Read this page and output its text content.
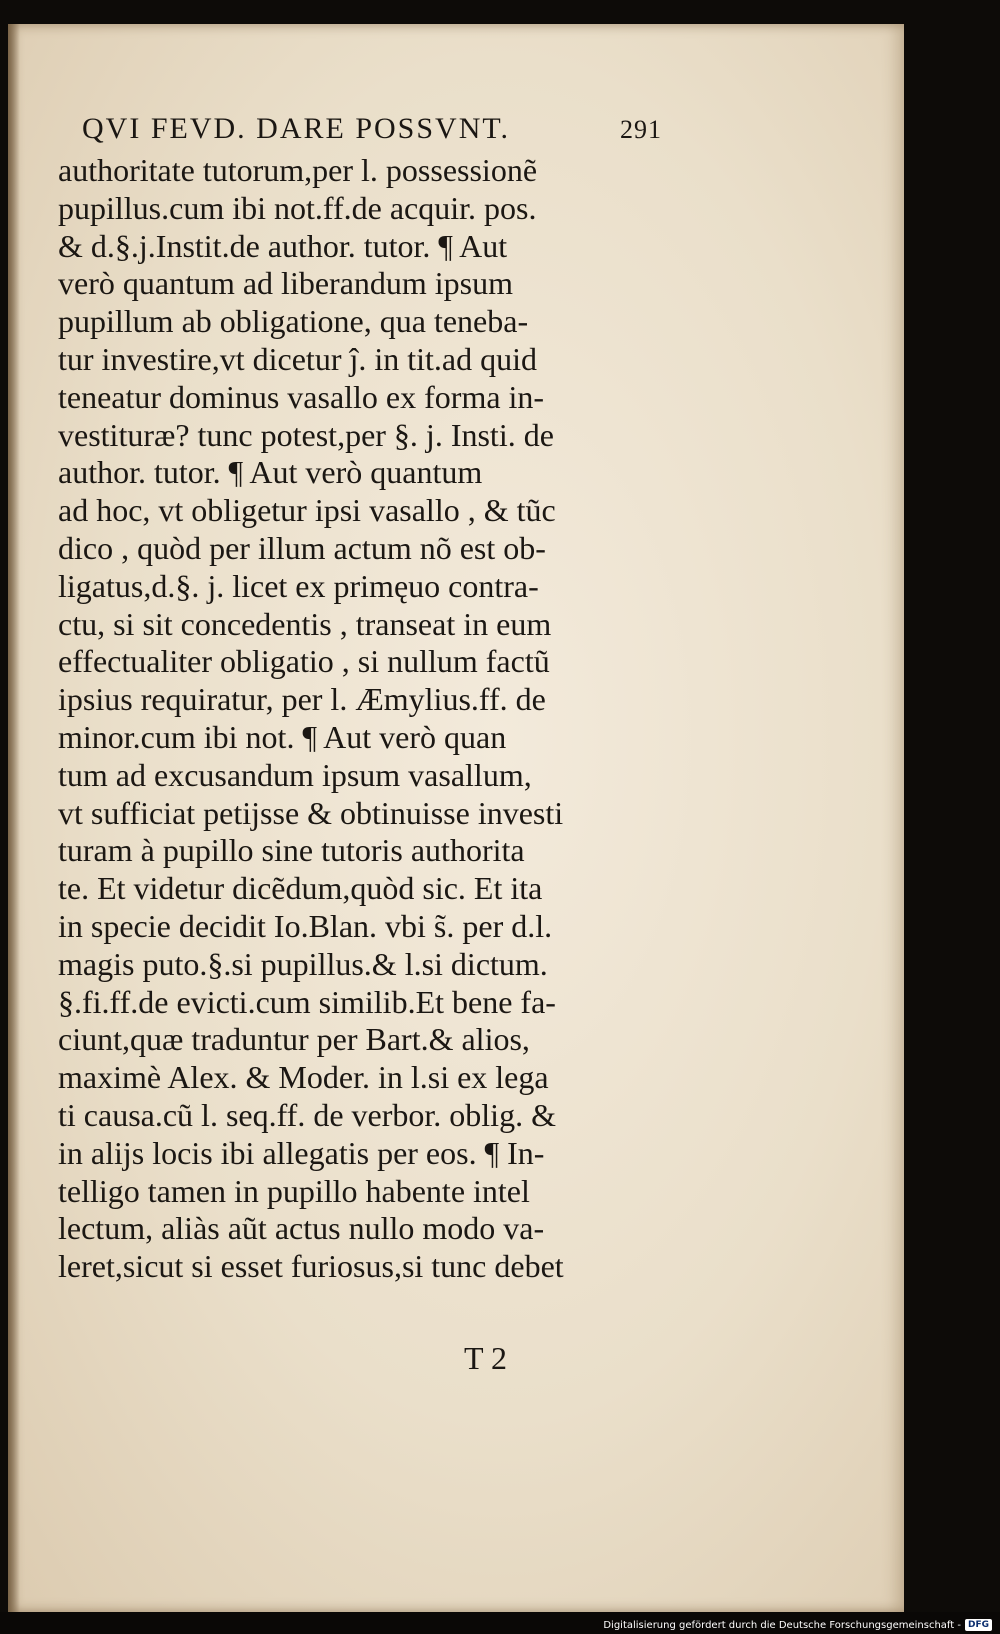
QVI FEVD. DARE POSSVNT.	291
authoritate tutorum,per l. possessionẽ
pupillus.cum ibi not.ff.de acquir. pos.
& d.§.j.Instit.de author. tutor. ¶ Aut
verò quantum ad liberandum ipsum
pupillum ab obligatione, qua teneba-
tur investire,vt dicetur ĵ. in tit.ad quid
teneatur dominus vasallo ex forma in-
vestituræ? tunc potest,per §. j. Insti. de
author. tutor. ¶ Aut verò quantum
ad hoc, vt obligetur ipsi vasallo , & tũc
dico , quòd per illum actum nõ est ob-
ligatus,d.§. j. licet ex primęuo contra-
ctu, si sit concedentis , transeat in eum
effectualiter obligatio , si nullum factũ
ipsius requiratur, per l. Æmylius.ff. de
minor.cum ibi not. ¶ Aut verò quan
tum ad excusandum ipsum vasallum,
vt sufficiat petijsse & obtinuisse investi
turam à pupillo sine tutoris authorita
te. Et videtur dicẽdum,quòd sic. Et ita
in specie decidit Io.Blan. vbi s̃. per d.l.
magis puto.§.si pupillus.& l.si dictum.
§.fi.ff.de evicti.cum similib.Et bene fa-
ciunt,quæ traduntur per Bart.& alios,
maximè Alex. & Moder. in l.si ex lega
ti causa.cũ l. seq.ff. de verbor. oblig. &
in alijs locis ibi allegatis per eos. ¶ In-
telligo tamen in pupillo habente intel
lectum, aliàs aũt actus nullo modo va-
leret,sicut si esset furiosus,si tunc debet
T 2
Digitalisierung gefördert durch die Deutsche Forschungsgemeinschaft - DFG
